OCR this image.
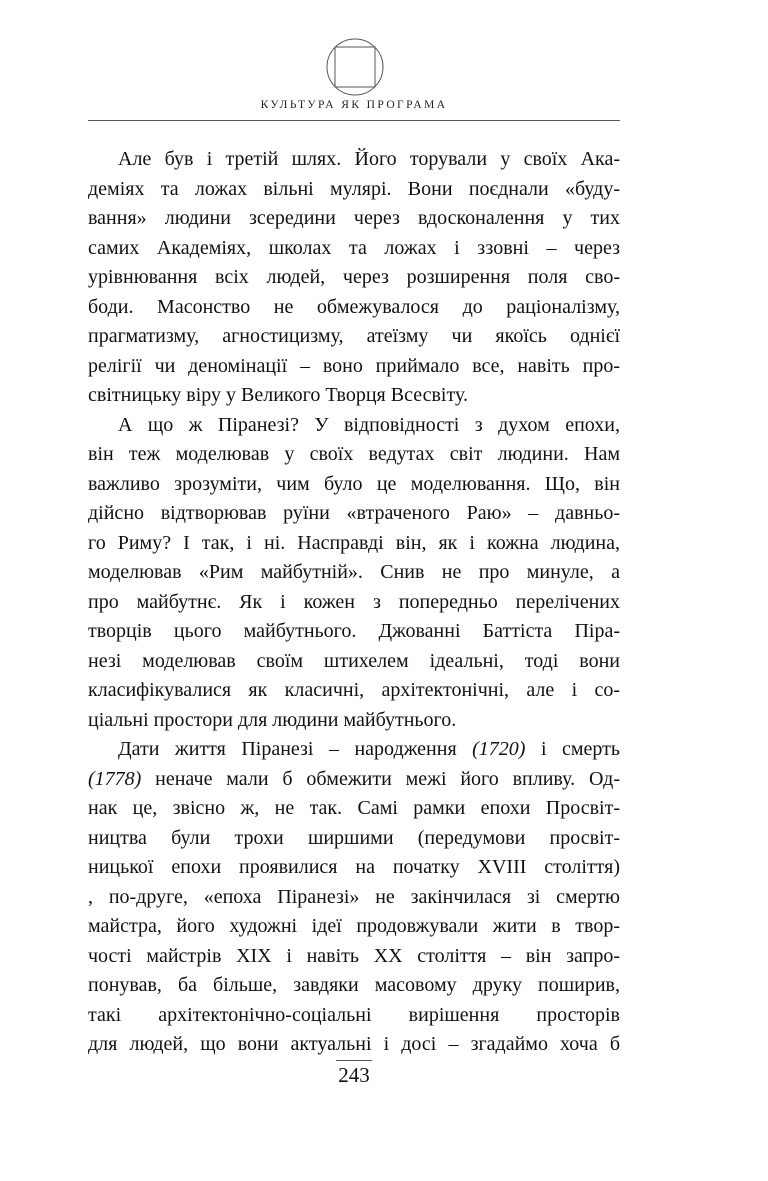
КУЛЬТУРА ЯК ПРОГРАМА
Але був і третій шлях. Його торували у своїх Ака-
деміях та ложах вільні мулярі. Вони поєднали «буду-
вання» людини зсередини через вдосконалення у тих
самих Академіях, школах та ложах і ззовні – через
урівнювання всіх людей, через розширення поля сво-
боди. Масонство не обмежувалося до раціоналізму,
прагматизму, агностицизму, атеїзму чи якоїсь однієї
релігії чи деномінації – воно приймало все, навіть про-
світницьку віру у Великого Творця Всесвіту.
А що ж Піранезі? У відповідності з духом епохи,
він теж моделював у своїх ведутах світ людини. Нам
важливо зрозуміти, чим було це моделювання. Що, він
дійсно відтворював руїни «втраченого Раю» – давньо-
го Риму? І так, і ні. Насправді він, як і кожна людина,
моделював «Рим майбутній». Снив не про минуле, а
про майбутнє. Як і кожен з попередньо перелічених
творців цього майбутнього. Джованні Баттіста Піра-
незі моделював своїм штихелем ідеальні, тоді вони
класифікувалися як класичні, архітектонічні, але і со-
ціальні простори для людини майбутнього.
Дати життя Піранезі – народження (1720) і смерть
(1778) неначе мали б обмежити межі його впливу. Од-
нак це, звісно ж, не так. Самі рамки епохи Просвіт-
ництва були трохи ширшими (передумови просвіт-
ницької епохи проявилися на початку XVIII століття)
, по-друге, «епоха Піранезі» не закінчилася зі смертю
майстра, його художні ідеї продовжували жити в твор-
чості майстрів XIX і навіть XX століття – він запро-
понував, ба більше, завдяки масовому друку поширив,
такі архітектонічно-соціальні вирішення просторів
для людей, що вони актуальні і досі – згадаймо хоча б
243
